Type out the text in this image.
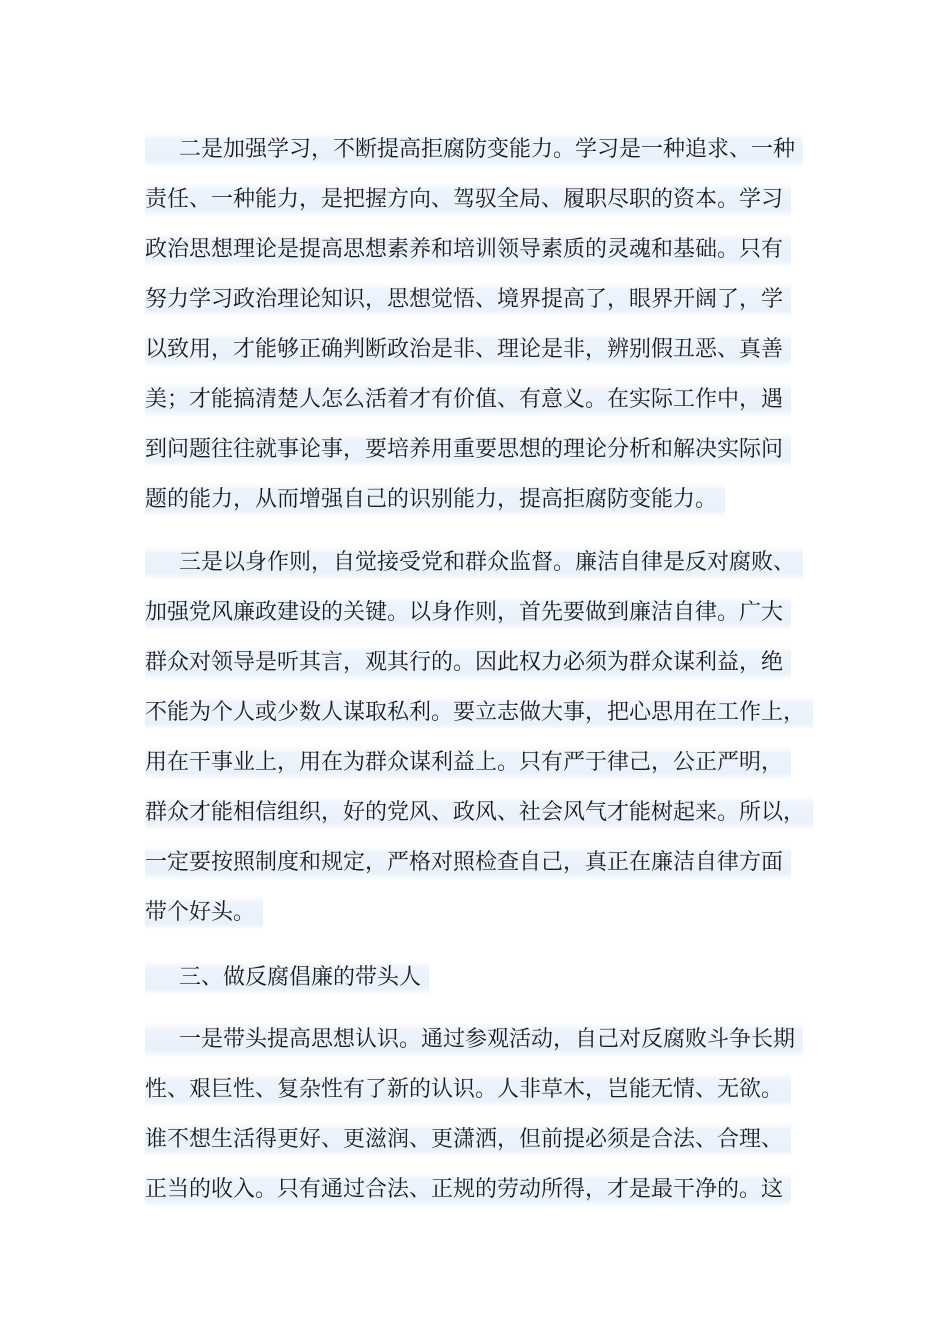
二是加强学习，不断提高拒腐防变能力。学习是一种追求、一种
责任、一种能力，是把握方向、驾驭全局、履职尽职的资本。学习
政治思想理论是提高思想素养和培训领导素质的灵魂和基础。只有
努力学习政治理论知识，思想觉悟、境界提高了，眼界开阔了，学
以致用，才能够正确判断政治是非、理论是非，辨别假丑恶、真善
美；才能搞清楚人怎么活着才有价值、有意义。在实际工作中，遇
到问题往往就事论事，要培养用重要思想的理论分析和解决实际问
题的能力，从而增强自己的识别能力，提高拒腐防变能力。
三是以身作则，自觉接受党和群众监督。廉洁自律是反对腐败、
加强党风廉政建设的关键。以身作则，首先要做到廉洁自律。广大
群众对领导是听其言，观其行的。因此权力必须为群众谋利益，绝
不能为个人或少数人谋取私利。要立志做大事，把心思用在工作上，
用在干事业上，用在为群众谋利益上。只有严于律己，公正严明，
群众才能相信组织，好的党风、政风、社会风气才能树起来。所以，
一定要按照制度和规定，严格对照检查自己，真正在廉洁自律方面
带个好头。
三、做反腐倡廉的带头人
一是带头提高思想认识。通过参观活动，自己对反腐败斗争长期
性、艰巨性、复杂性有了新的认识。人非草木，岂能无情、无欲。
谁不想生活得更好、更滋润、更潇洒，但前提必须是合法、合理、
正当的收入。只有通过合法、正规的劳动所得，才是最干净的。这
